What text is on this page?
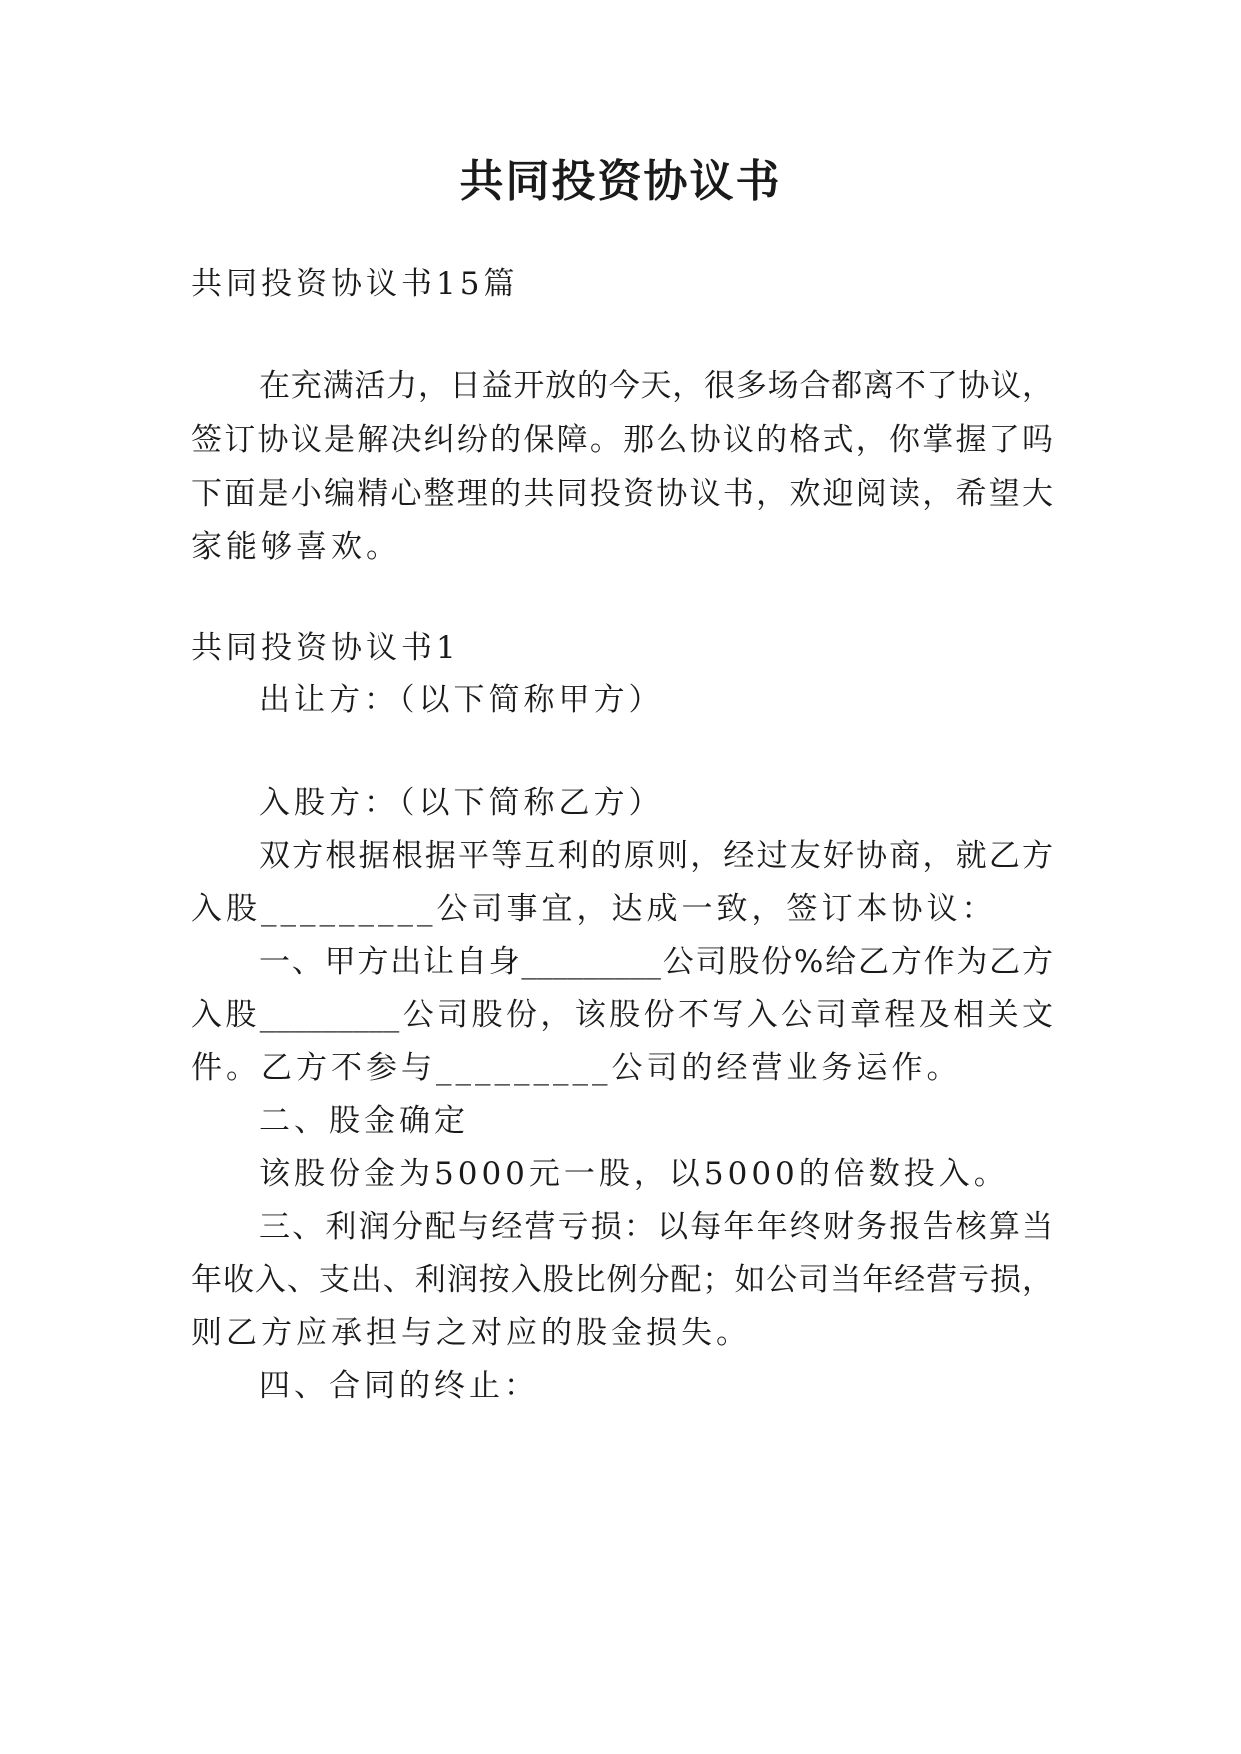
共同投资协议书
共同投资协议书15篇
在充满活力，日益开放的今天，很多场合都离不了协议，
签订协议是解决纠纷的保障。那么协议的格式，你掌握了吗
下面是小编精心整理的共同投资协议书，欢迎阅读，希望大
家能够喜欢。
共同投资协议书1
出让方：（以下简称甲方）
入股方：（以下简称乙方）
双方根据根据平等互利的原则，经过友好协商，就乙方
入股_________公司事宜，达成一致，签订本协议：
一、甲方出让自身_________公司股份%给乙方作为乙方
入股_________公司股份，该股份不写入公司章程及相关文
件。乙方不参与_________公司的经营业务运作。
二、股金确定
该股份金为5000元一股，以5000的倍数投入。
三、利润分配与经营亏损：以每年年终财务报告核算当
年收入、支出、利润按入股比例分配；如公司当年经营亏损，
则乙方应承担与之对应的股金损失。
四、合同的终止：
